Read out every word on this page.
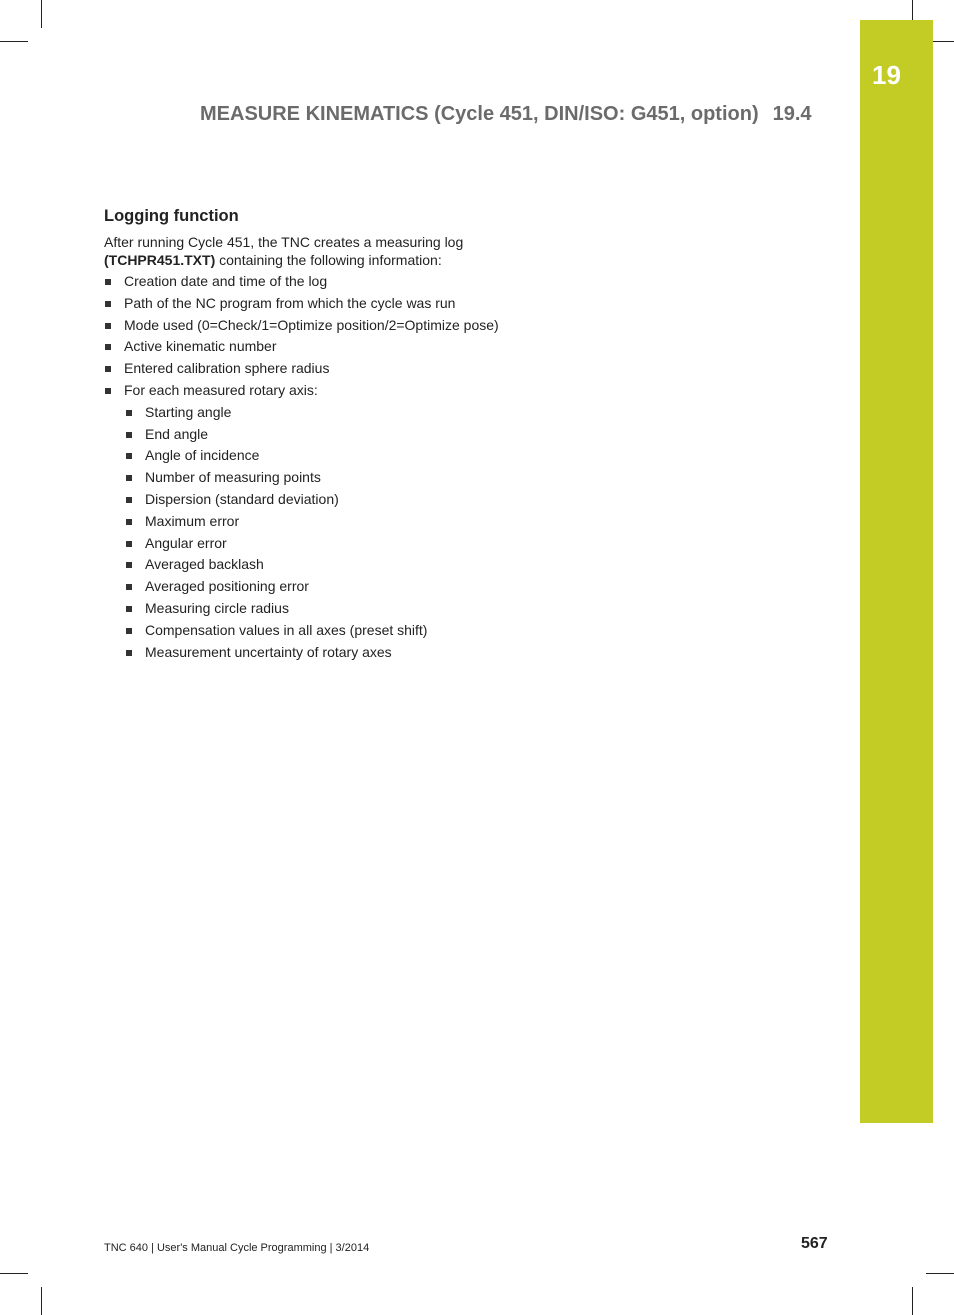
19
MEASURE KINEMATICS (Cycle 451, DIN/ISO: G451, option) 19.4
Logging function

After running Cycle 451, the TNC creates a measuring log
(TCHPR451.TXT) containing the following information:

Creation date and time of the log
Path of the NC program from which the cycle was run
Mode used (0=Check/1=Optimize position/2=Optimize pose)
Active kinematic number
Entered calibration sphere radius
For each measured rotary axis:
Starting angle
End angle
Angle of incidence
Number of measuring points
Dispersion (standard deviation)
Maximum error
Angular error
Averaged backlash
Averaged positioning error
Measuring circle radius
Compensation values in all axes (preset shift)
Measurement uncertainty of rotary axes
TNC 640 | User's Manual Cycle Programming | 3/2014	567
